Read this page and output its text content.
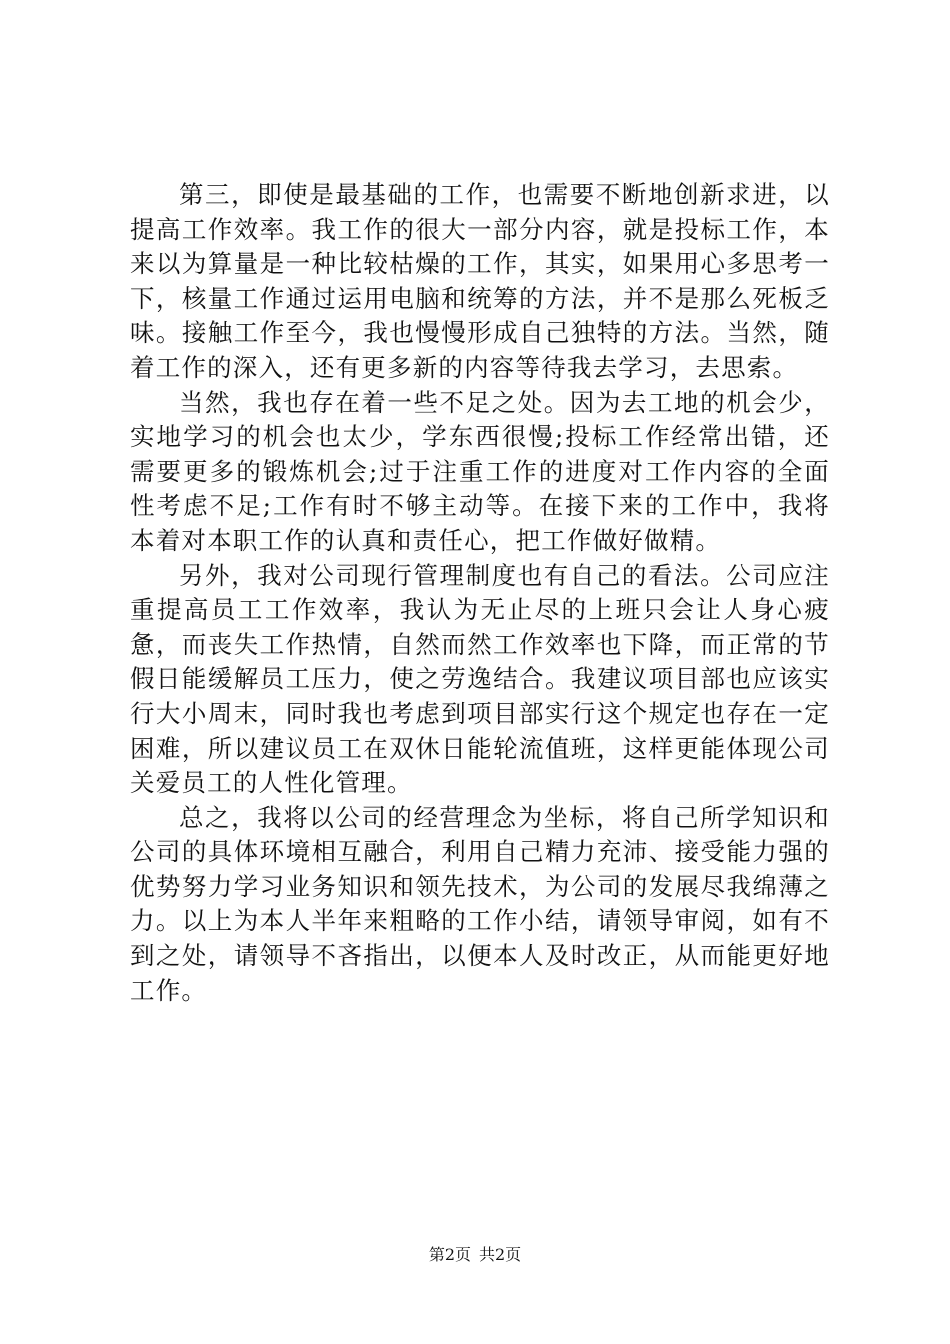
第三，即使是最基础的工作，也需要不断地创新求进，以提高工作效率。我工作的很大一部分内容，就是投标工作，本来以为算量是一种比较枯燥的工作，其实，如果用心多思考一下，核量工作通过运用电脑和统筹的方法，并不是那么死板乏味。接触工作至今，我也慢慢形成自己独特的方法。当然，随着工作的深入，还有更多新的内容等待我去学习，去思索。

当然，我也存在着一些不足之处。因为去工地的机会少，实地学习的机会也太少，学东西很慢;投标工作经常出错，还需要更多的锻炼机会;过于注重工作的进度对工作内容的全面性考虑不足;工作有时不够主动等。在接下来的工作中，我将本着对本职工作的认真和责任心，把工作做好做精。

另外，我对公司现行管理制度也有自己的看法。公司应注重提高员工工作效率，我认为无止尽的上班只会让人身心疲惫，而丧失工作热情，自然而然工作效率也下降，而正常的节假日能缓解员工压力，使之劳逸结合。我建议项目部也应该实行大小周末，同时我也考虑到项目部实行这个规定也存在一定困难，所以建议员工在双休日能轮流值班，这样更能体现公司关爱员工的人性化管理。

总之，我将以公司的经营理念为坐标，将自己所学知识和公司的具体环境相互融合，利用自己精力充沛、接受能力强的优势努力学习业务知识和领先技术，为公司的发展尽我绵薄之力。以上为本人半年来粗略的工作小结，请领导审阅，如有不到之处，请领导不吝指出，以便本人及时改正，从而能更好地工作。

第2页 共2页
